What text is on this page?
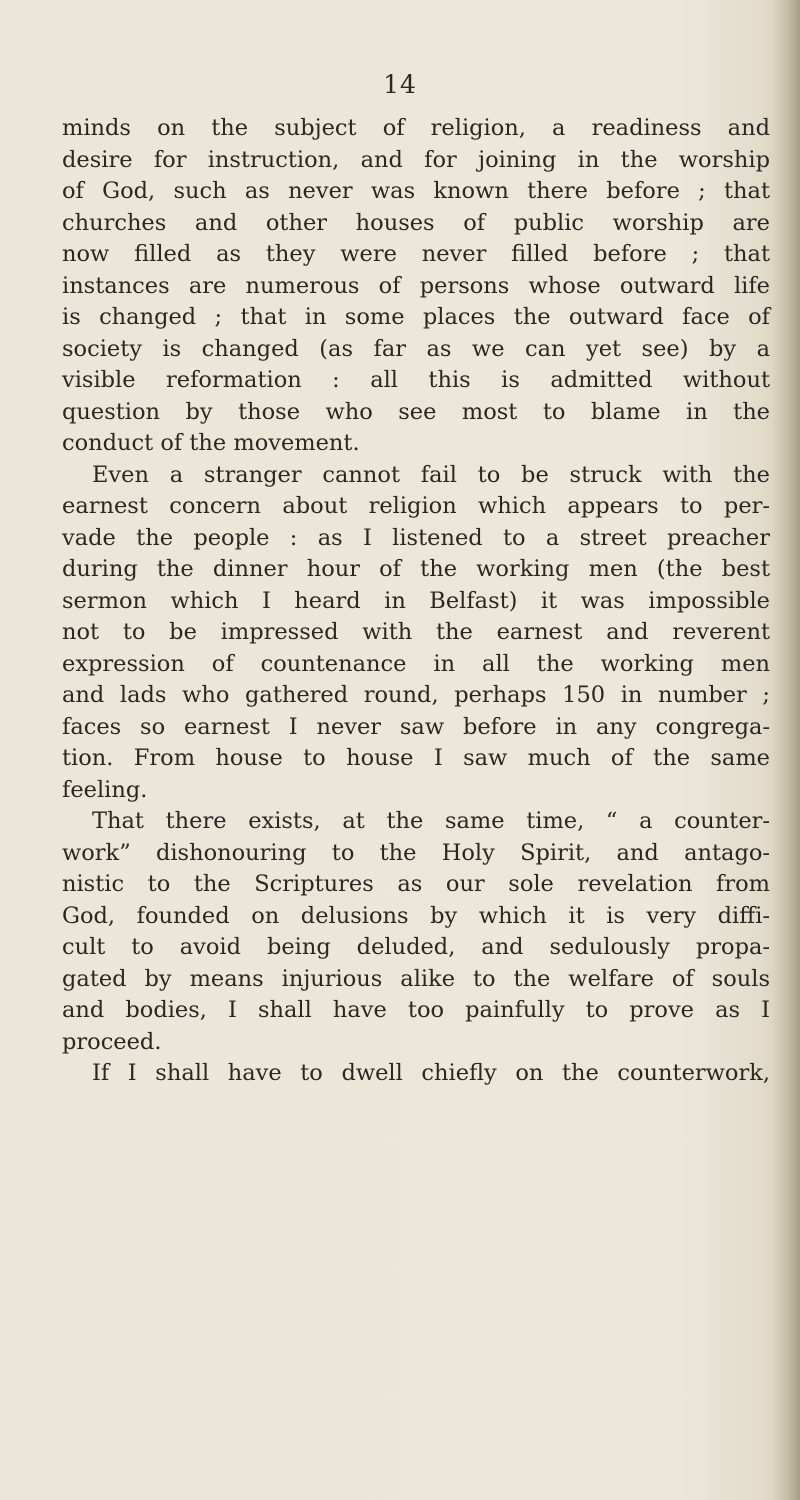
14
minds on the subject of religion, a readiness and
desire for instruction, and for joining in the worship
of God, such as never was known there before ; that
churches and other houses of public worship are
now filled as they were never filled before ; that
instances are numerous of persons whose outward life
is changed ; that in some places the outward face of
society is changed (as far as we can yet see) by a
visible reformation : all this is admitted without
question by those who see most to blame in the
conduct of the movement.
Even a stranger cannot fail to be struck with the
earnest concern about religion which appears to per-
vade the people : as I listened to a street preacher
during the dinner hour of the working men (the best
sermon which I heard in Belfast) it was impossible
not to be impressed with the earnest and reverent
expression of countenance in all the working men
and lads who gathered round, perhaps 150 in number ;
faces so earnest I never saw before in any congrega-
tion. From house to house I saw much of the same
feeling.
That there exists, at the same time, “ a counter-
work” dishonouring to the Holy Spirit, and antago-
nistic to the Scriptures as our sole revelation from
God, founded on delusions by which it is very diffi-
cult to avoid being deluded, and sedulously propa-
gated by means injurious alike to the welfare of souls
and bodies, I shall have too painfully to prove as I
proceed.
If I shall have to dwell chiefly on the counterwork,
